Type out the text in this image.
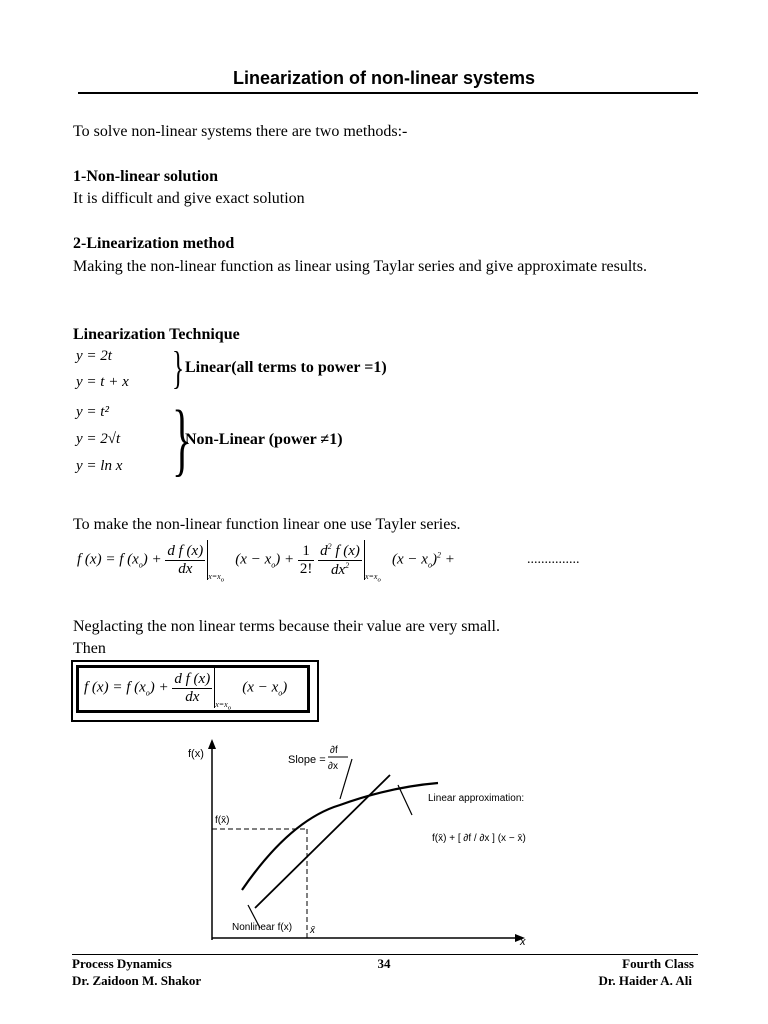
Linearization of non-linear systems
To solve non-linear systems there are two methods:-
1-Non-linear solution
It is difficult and give exact solution
2-Linearization method
Making the non-linear function as linear using Taylar series and give approximate results.
Linearization Technique
y = 2t
y = t + x } Linear(all terms to power =1)
y = t²
y = 2√t
y = ln x }
Non-Linear (power ≠1)
To make the non-linear function linear one use Tayler series.
f (x) = f $(x_o) + \frac{\text{d f (x)}}{dx} _{x=x_o}$   $(x - x_o) + \frac{1}{2!}$
$\frac{d^2 f (x)}{dx^2} _{x=x_o}$   $(x - x_o)^2$ +	...............
Neglacting the non linear terms because their value are very small.
Then
f (x) = f $(x_o) + \frac{\text{d f (x)}}{dx} _{x=x_o}$   $(x - x_o)$
f(x)
x
Slope =
∂f
∂x
f(x̄)
Linear approximation:
f(x̄) + [ ∂f / ∂x ] (x − x̄)
Nonlinear f(x) x̄
Process Dynamics
Dr. Zaidoon M. Shakor
34	Fourth Class
Dr. Haider A. Ali
